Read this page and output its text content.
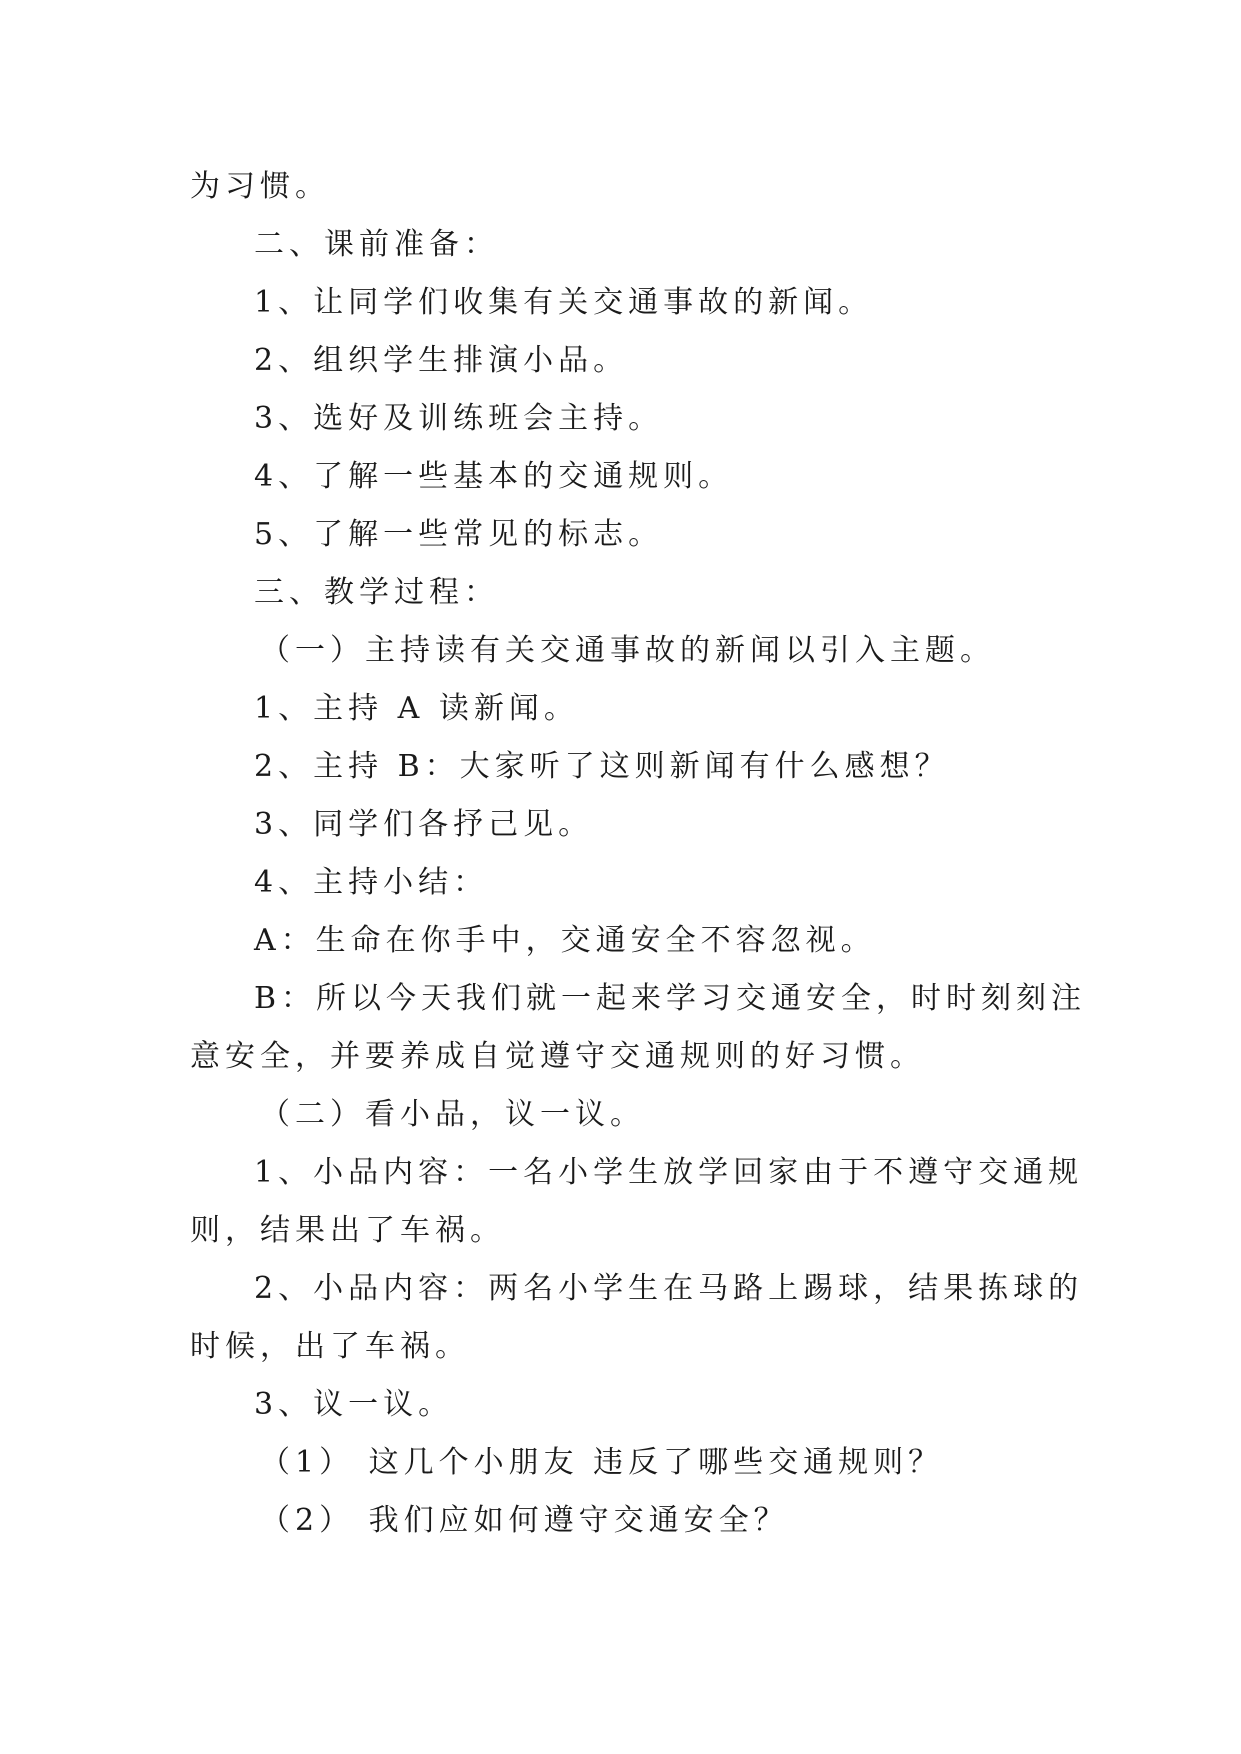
为习惯。
二、课前准备：
1、让同学们收集有关交通事故的新闻。
2、组织学生排演小品。
3、选好及训练班会主持。
4、了解一些基本的交通规则。
5、了解一些常见的标志。
三、教学过程：
（一）主持读有关交通事故的新闻以引入主题。
1、主持 A 读新闻。
2、主持 B：大家听了这则新闻有什么感想？
3、同学们各抒己见。
4、主持小结：
A：生命在你手中，交通安全不容忽视。
B：所以今天我们就一起来学习交通安全，时时刻刻注
意安全，并要养成自觉遵守交通规则的好习惯。
（二）看小品，议一议。
1、小品内容：一名小学生放学回家由于不遵守交通规
则，结果出了车祸。
2、小品内容：两名小学生在马路上踢球，结果拣球的
时候，出了车祸。
3、议一议。
（1） 这几个小朋友 违反了哪些交通规则？
（2） 我们应如何遵守交通安全？
